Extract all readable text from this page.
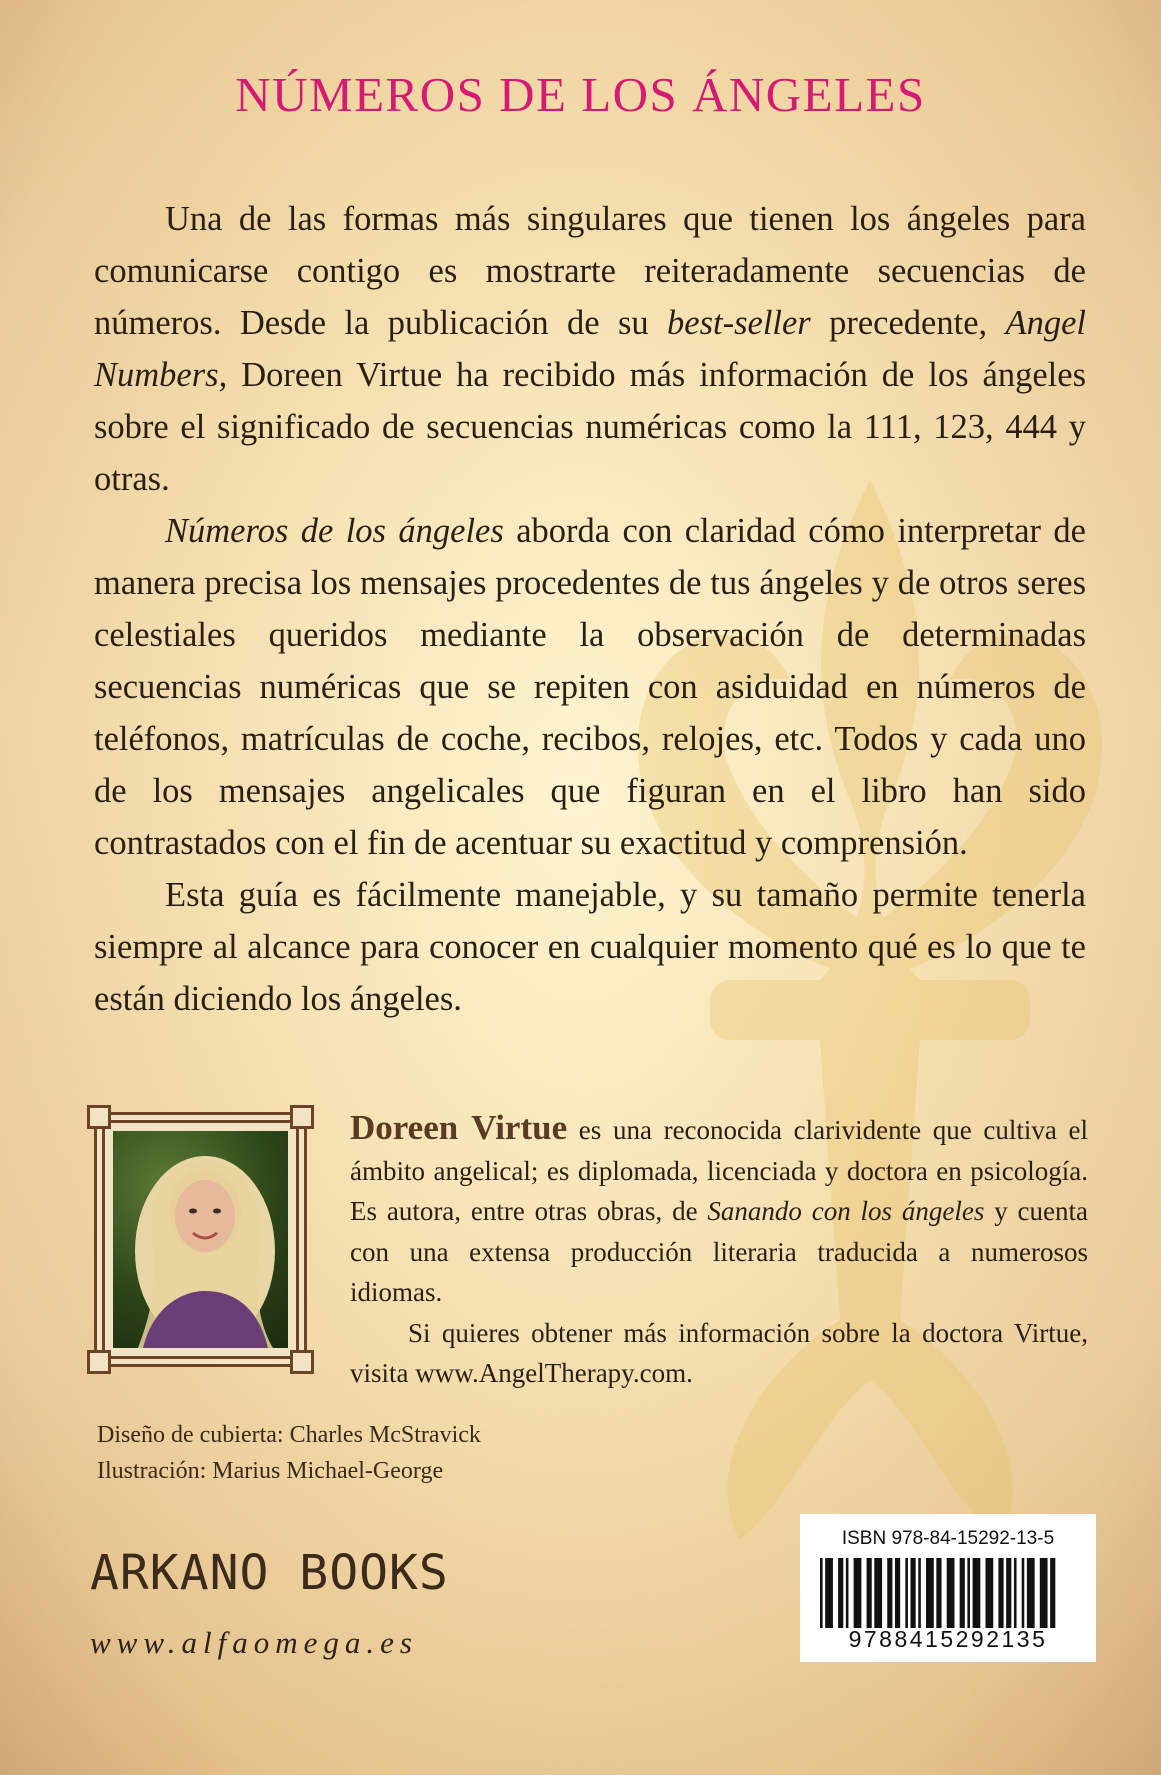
NÚMEROS DE LOS ÁNGELES

Una de las formas más singulares que tienen los ángeles para comunicarse contigo es mostrarte reiteradamente secuencias de números. Desde la publicación de su best-seller precedente, Angel Numbers, Doreen Virtue ha recibido más información de los ángeles sobre el significado de secuencias numéricas como la 111, 123, 444 y otras.

Números de los ángeles aborda con claridad cómo interpretar de manera precisa los mensajes procedentes de tus ángeles y de otros seres celestiales queridos mediante la observación de determinadas secuencias numéricas que se repiten con asiduidad en números de teléfonos, matrículas de coche, recibos, relojes, etc. Todos y cada uno de los mensajes angelicales que figuran en el libro han sido contrastados con el fin de acentuar su exactitud y comprensión.

Esta guía es fácilmente manejable, y su tamaño permite tenerla siempre al alcance para conocer en cualquier momento qué es lo que te están diciendo los ángeles.

Doreen Virtue es una reconocida clarividente que cultiva el ámbito angelical; es diplomada, licenciada y doctora en psicología. Es autora, entre otras obras, de Sanando con los ángeles y cuenta con una extensa producción literaria traducida a numerosos idiomas.

Si quieres obtener más información sobre la doctora Virtue, visita www.AngelTherapy.com.

Diseño de cubierta: Charles McStravick
Ilustración: Marius Michael-George
ARKANO BOOKS
www.alfaomega.es
ISBN 978-84-15292-13-5
9788415292135
